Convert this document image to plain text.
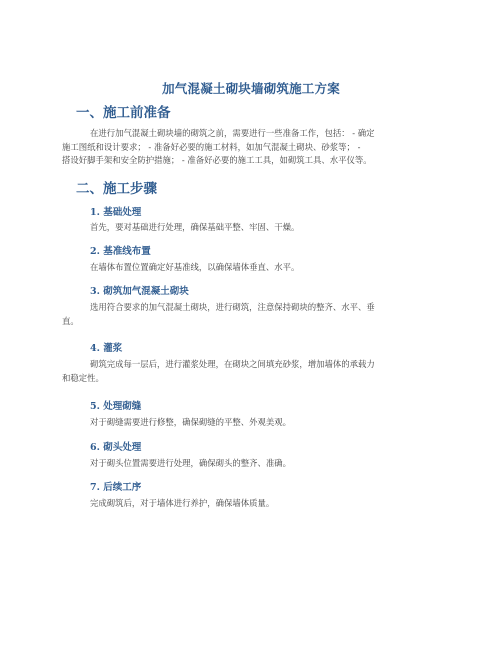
加气混凝土砌块墙砌筑施工方案
一、施工前准备
在进行加气混凝土砌块墙的砌筑之前，需要进行一些准备工作，包括： - 确定
施工图纸和设计要求； - 准备好必要的施工材料，如加气混凝土砌块、砂浆等； -
搭设好脚手架和安全防护措施； - 准备好必要的施工工具，如砌筑工具、水平仪等。
二、施工步骤
1. 基础处理
首先，要对基础进行处理，确保基础平整、牢固、干燥。
2. 基准线布置
在墙体布置位置确定好基准线，以确保墙体垂直、水平。
3. 砌筑加气混凝土砌块
选用符合要求的加气混凝土砌块，进行砌筑，注意保持砌块的整齐、水平、垂
直。
4. 灌浆
砌筑完成每一层后，进行灌浆处理，在砌块之间填充砂浆，增加墙体的承载力
和稳定性。
5. 处理砌缝
对于砌缝需要进行修整，确保砌缝的平整、外观美观。
6. 砌头处理
对于砌头位置需要进行处理，确保砌头的整齐、准确。
7. 后续工序
完成砌筑后，对于墙体进行养护，确保墙体质量。
